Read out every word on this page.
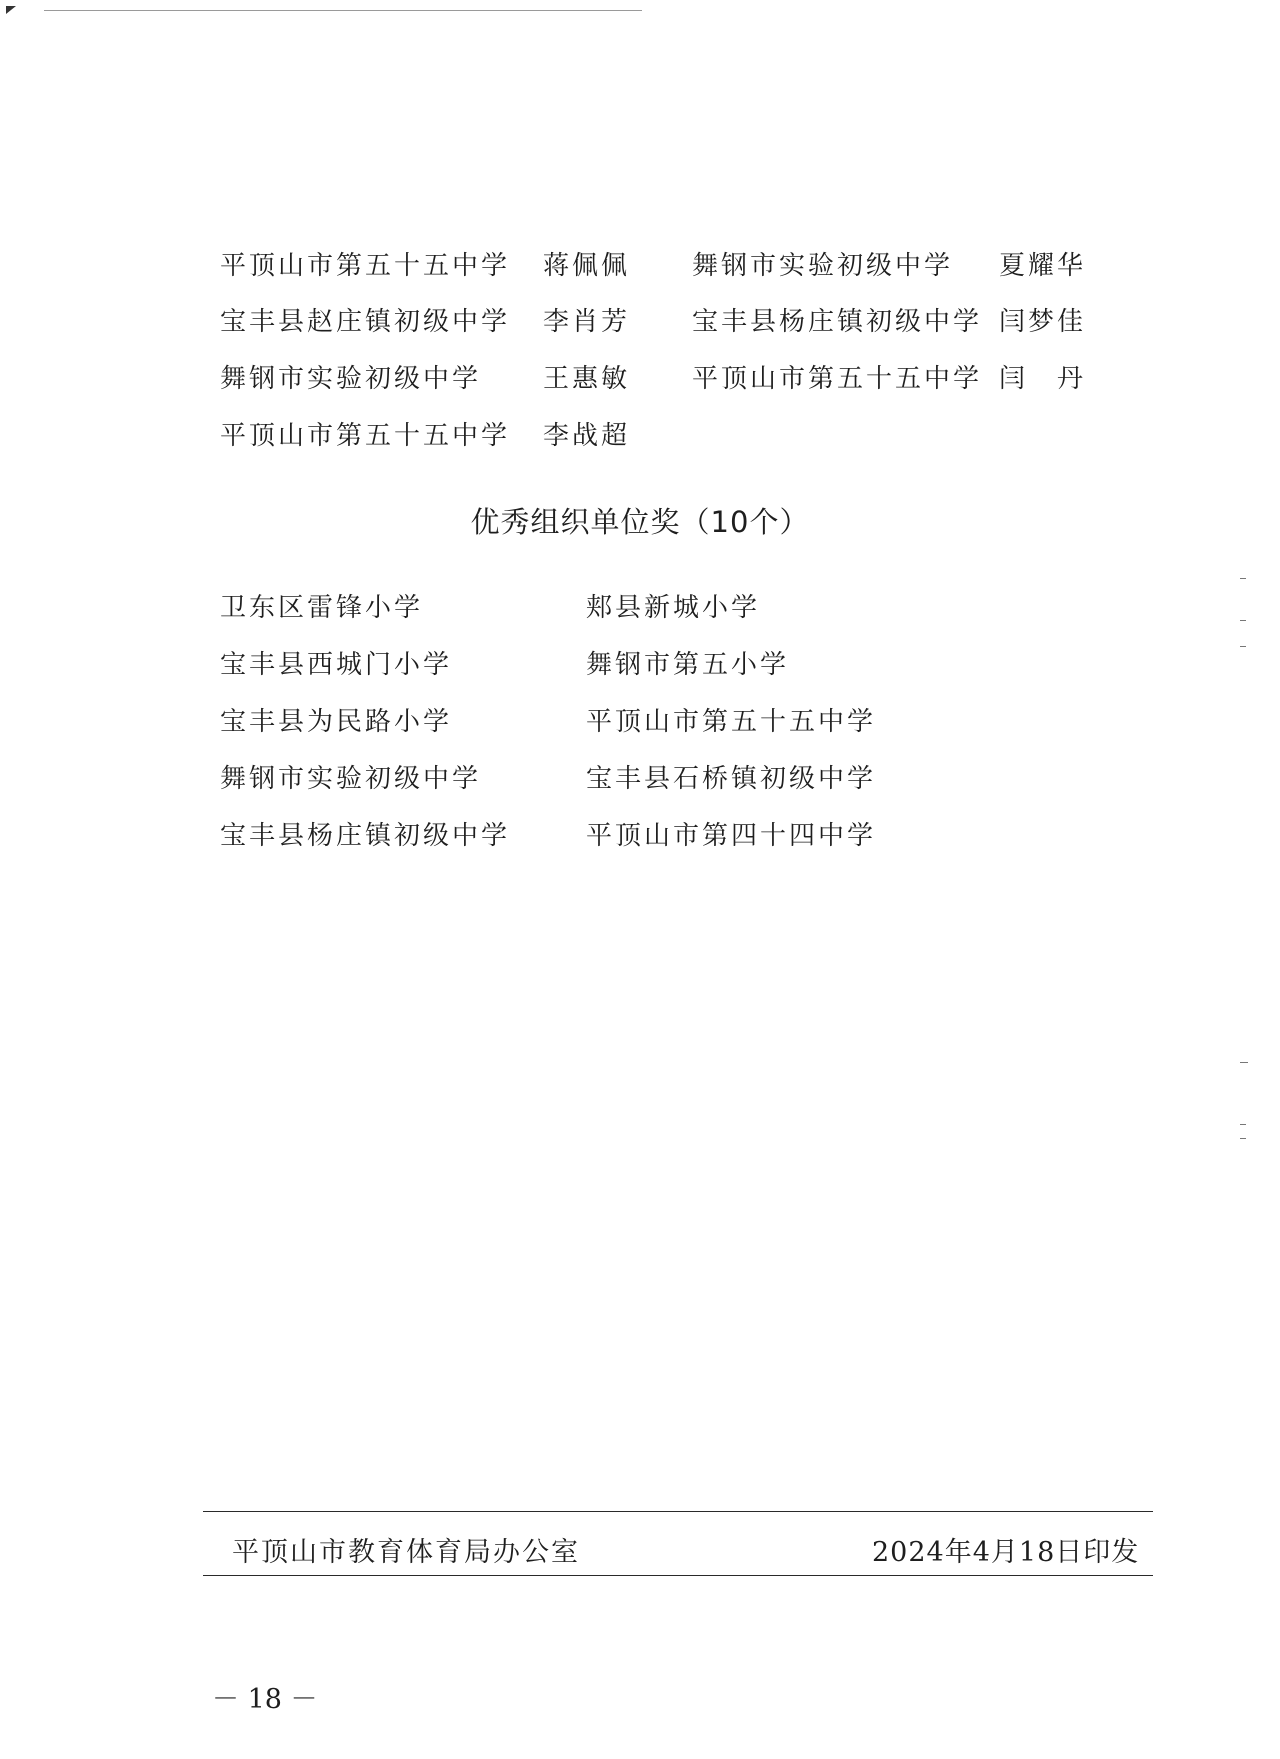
平顶山市第五十五中学 蒋佩佩 舞钢市实验初级中学 夏耀华
宝丰县赵庄镇初级中学 李肖芳 宝丰县杨庄镇初级中学 闫梦佳
舞钢市实验初级中学 王惠敏 平顶山市第五十五中学 闫　丹
平顶山市第五十五中学 李战超
优秀组织单位奖（10个）
卫东区雷锋小学	郏县新城小学
宝丰县西城门小学	舞钢市第五小学
宝丰县为民路小学	平顶山市第五十五中学
舞钢市实验初级中学	宝丰县石桥镇初级中学
宝丰县杨庄镇初级中学	平顶山市第四十四中学
平顶山市教育体育局办公室	2024年4月18日印发
－ 18 －
